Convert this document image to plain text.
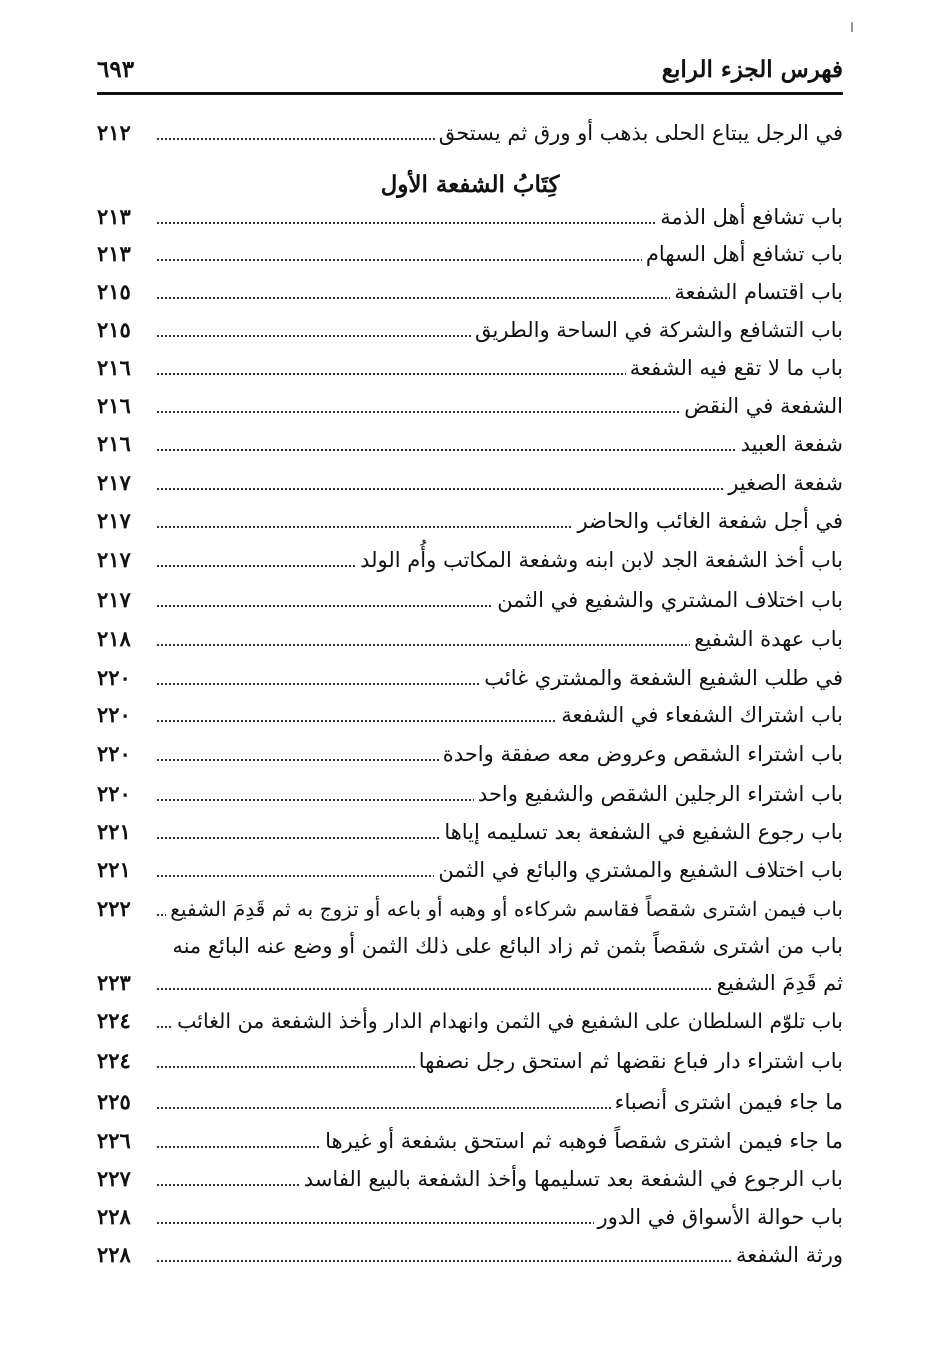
فهرس الجزء الرابع
٦٩٣
في الرجل يبتاع الحلى بذهب أو ورق ثم يستحق
٢١٢
كِتَابُ الشفعة الأول
باب تشافع أهل الذمة
٢١٣
باب تشافع أهل السهام
٢١٣
باب اقتسام الشفعة
٢١٥
باب التشافع والشركة في الساحة والطريق
٢١٥
باب ما لا تقع فيه الشفعة
٢١٦
الشفعة في النقض
٢١٦
شفعة العبيد
٢١٦
شفعة الصغير
٢١٧
في أجل شفعة الغائب والحاضر
٢١٧
باب أخذ الشفعة الجد لابن ابنه وشفعة المكاتب وأُم الولد
٢١٧
باب اختلاف المشتري والشفيع في الثمن
٢١٧
باب عهدة الشفيع
٢١٨
في طلب الشفيع الشفعة والمشتري غائب
٢٢٠
باب اشتراك الشفعاء في الشفعة
٢٢٠
باب اشتراء الشقص وعروض معه صفقة واحدة
٢٢٠
باب اشتراء الرجلين الشقص والشفيع واحد
٢٢٠
باب رجوع الشفيع في الشفعة بعد تسليمه إياها
٢٢١
باب اختلاف الشفيع والمشتري والبائع في الثمن
٢٢١
باب فيمن اشترى شقصاً فقاسم شركاءه أو وهبه أو باعه أو تزوج به ثم قَدِمَ الشفيع
٢٢٢
باب من اشترى شقصاً بثمن ثم زاد البائع على ذلك الثمن أو وضع عنه البائع منه
ثم قَدِمَ الشفيع
٢٢٣
باب تلوّم السلطان على الشفيع في الثمن وانهدام الدار وأخذ الشفعة من الغائب
٢٢٤
باب اشتراء دار فباع نقضها ثم استحق رجل نصفها
٢٢٤
ما جاء فيمن اشترى أنصباء
٢٢٥
ما جاء فيمن اشترى شقصاً فوهبه ثم استحق بشفعة أو غيرها
٢٢٦
باب الرجوع في الشفعة بعد تسليمها وأخذ الشفعة بالبيع الفاسد
٢٢٧
باب حوالة الأسواق في الدور
٢٢٨
ورثة الشفعة
٢٢٨
